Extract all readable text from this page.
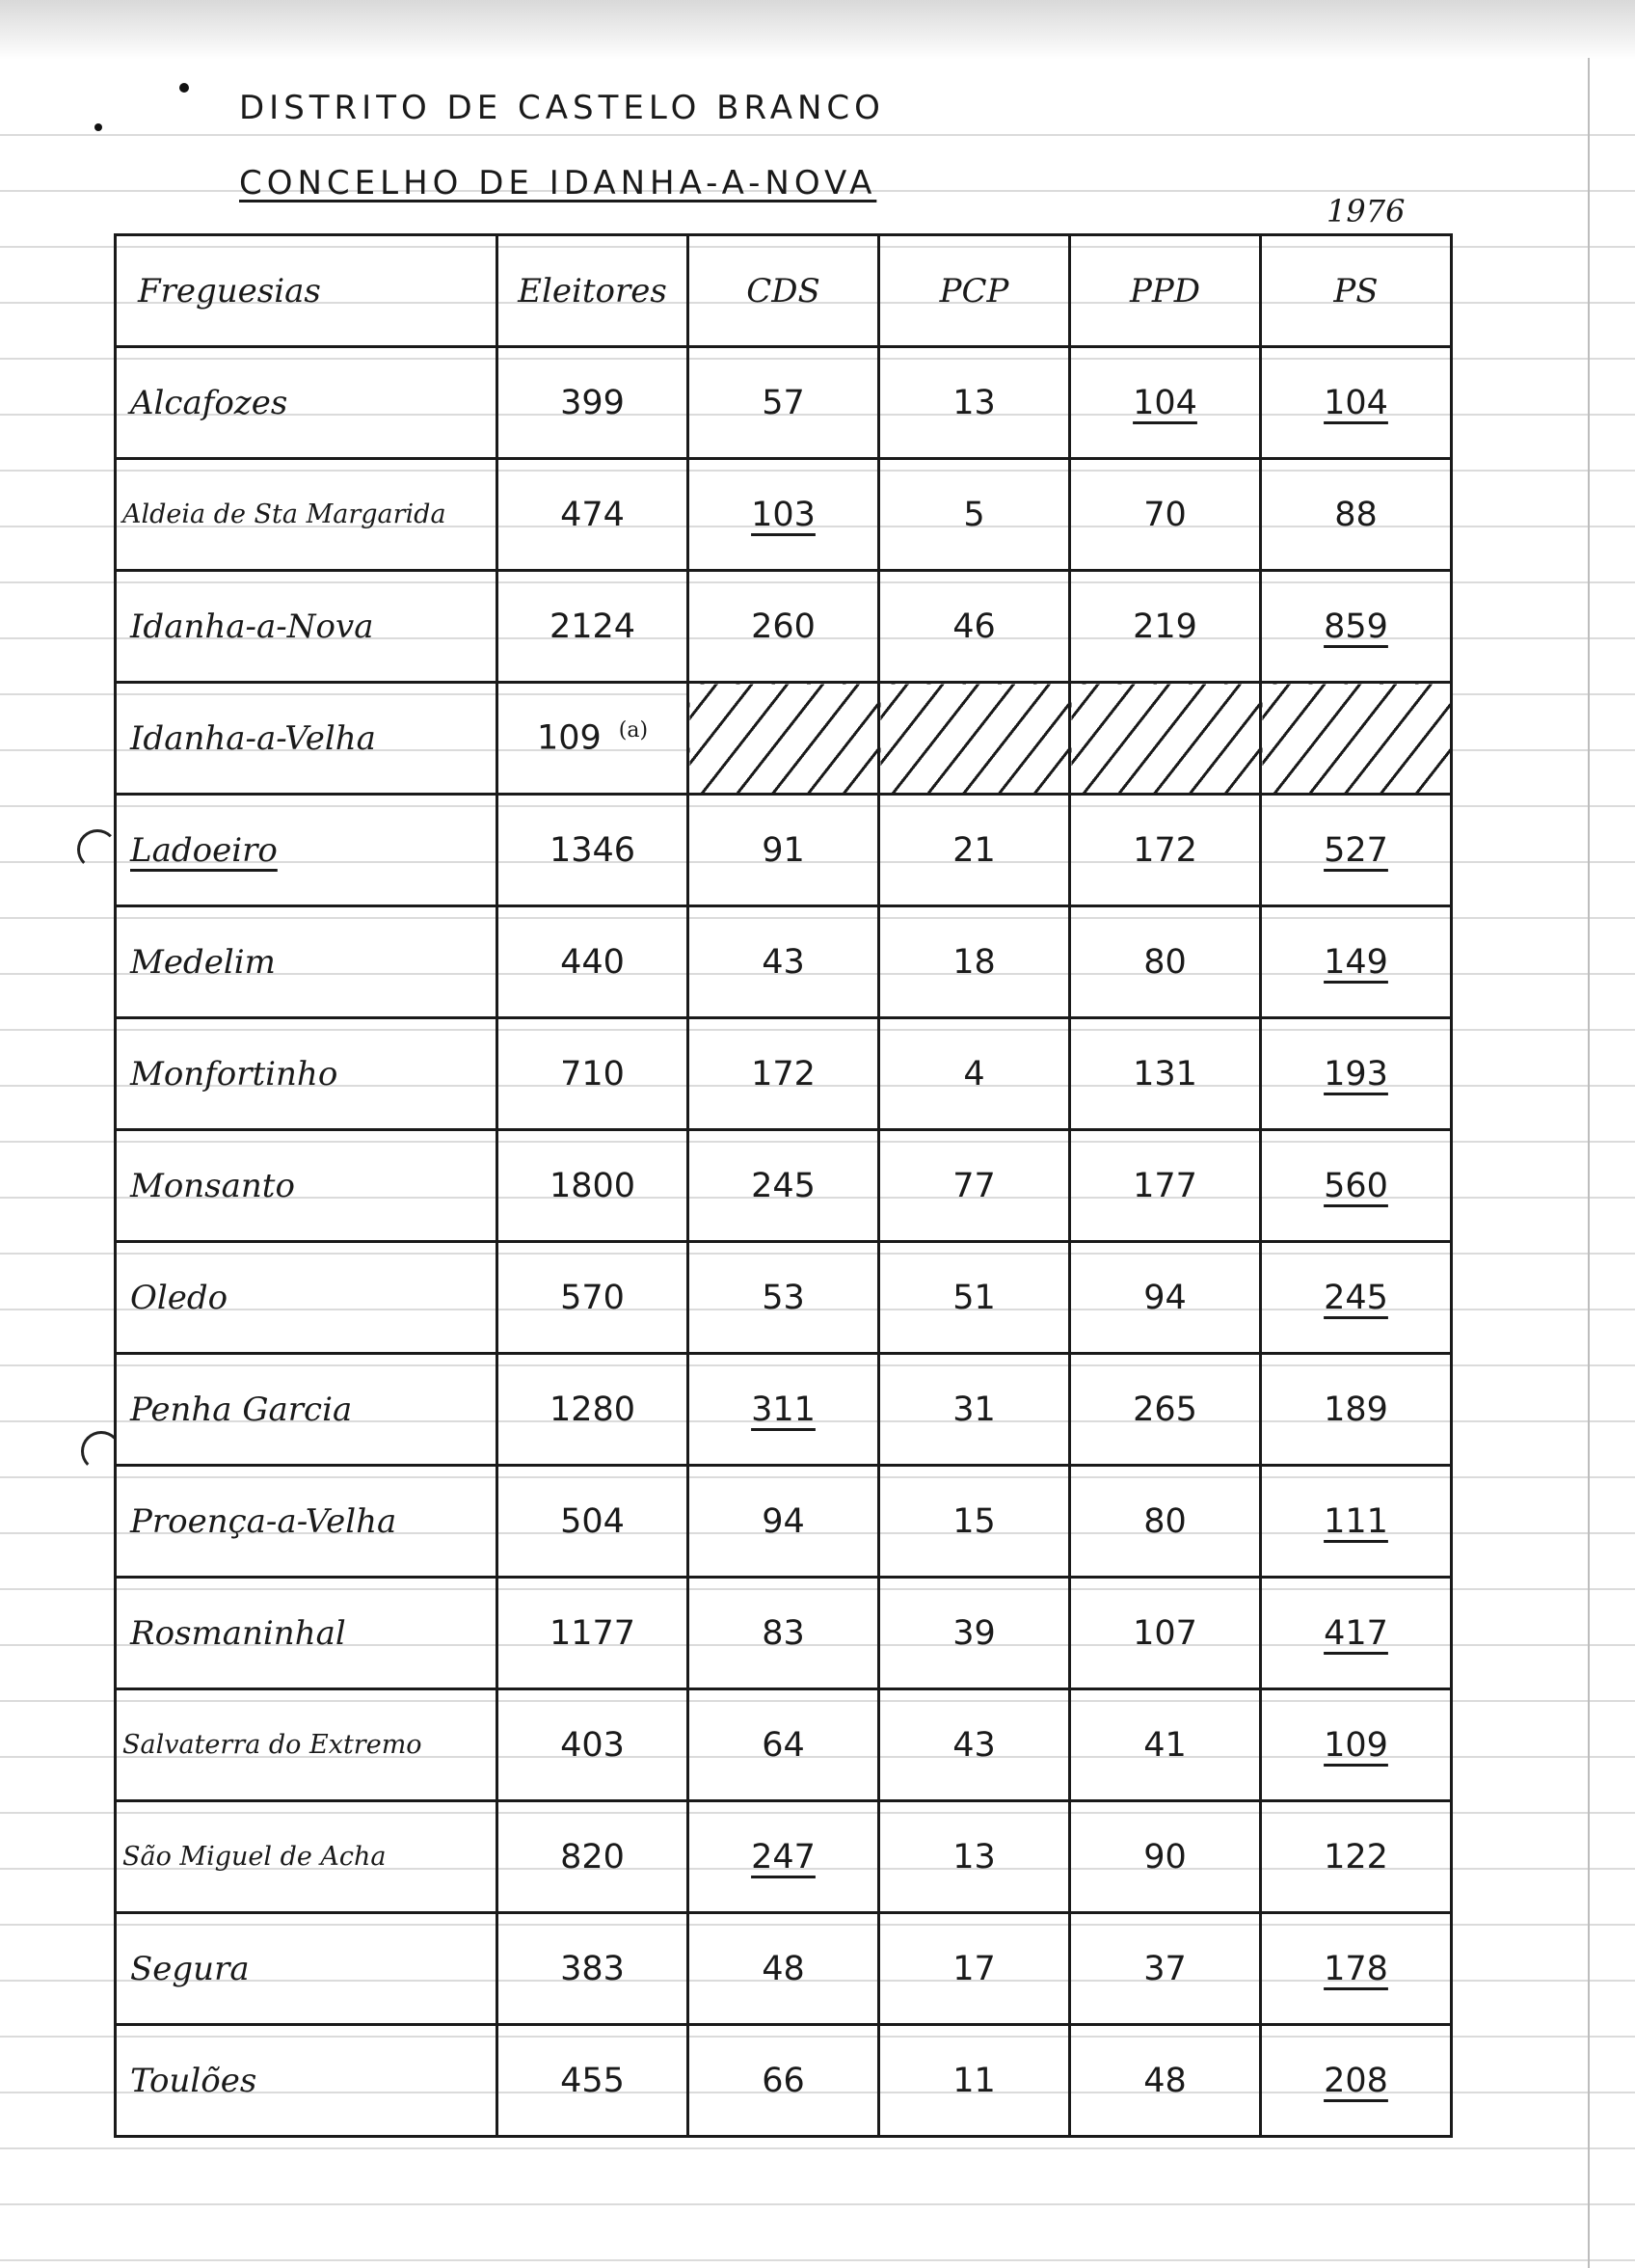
DISTRITO DE CASTELO BRANCO
CONCELHO DE IDANHA-A-NOVA
1976
Freguesias	Eleitores	CDS	PCP	PPD	PS
Alcafozes	399	57	13	104	104
Aldeia de Sta Margarida	474	103	5	70	88
Idanha-a-Nova	2124	260	46	219	859
Idanha-a-Velha	109 $^{(a)}$				
Ladoeiro	1346	91	21	172	527
Medelim	440	43	18	80	149
Monfortinho	710	172	4	131	193
Monsanto	1800	245	77	177	560
Oledo	570	53	51	94	245
Penha Garcia	1280	311	31	265	189
Proença-a-Velha	504	94	15	80	111
Rosmaninhal	1177	83	39	107	417
Salvaterra do Extremo	403	64	43	41	109
São Miguel de Acha	820	247	13	90	122
Segura	383	48	17	37	178
Toulões	455	66	11	48	208
